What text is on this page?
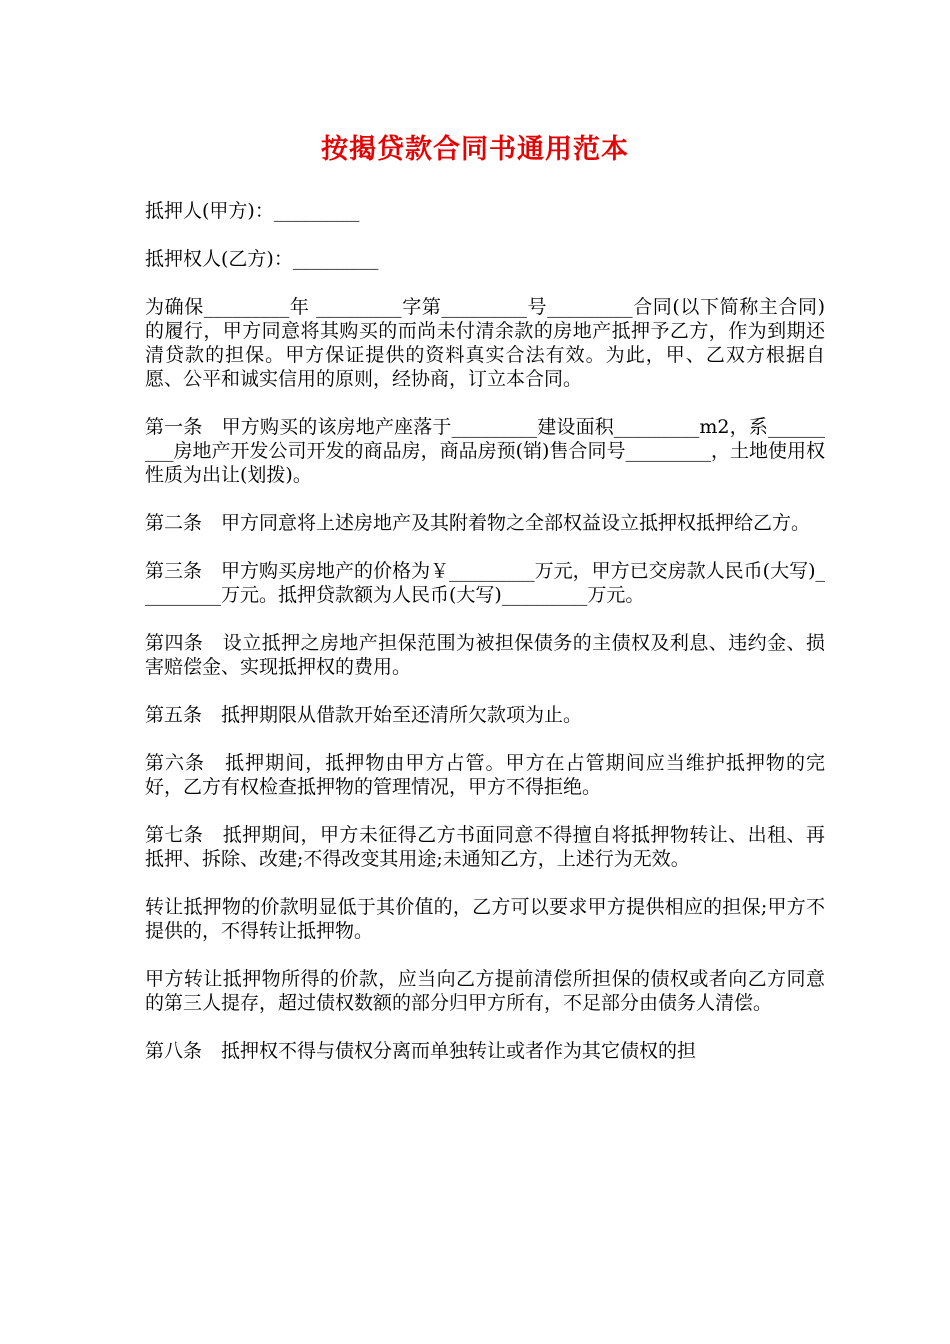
按揭贷款合同书通用范本

抵押人(甲方)：_________

抵押权人(乙方)：_________

为确保_________年 _________字第_________号_________合同(以下简称主合同)的履行，甲方同意将其购买的而尚未付清余款的房地产抵押予乙方，作为到期还清贷款的担保。甲方保证提供的资料真实合法有效。为此，甲、乙双方根据自愿、公平和诚实信用的原则，经协商，订立本合同。

第一条　甲方购买的该房地产座落于_________建设面积_________m2，系_________房地产开发公司开发的商品房，商品房预(销)售合同号_________，土地使用权性质为出让(划拨)。

第二条　甲方同意将上述房地产及其附着物之全部权益设立抵押权抵押给乙方。

第三条　甲方购买房地产的价格为￥_________万元，甲方已交房款人民币(大写)_________万元。抵押贷款额为人民币(大写)_________万元。

第四条　设立抵押之房地产担保范围为被担保债务的主债权及利息、违约金、损害赔偿金、实现抵押权的费用。

第五条　抵押期限从借款开始至还清所欠款项为止。

第六条　抵押期间，抵押物由甲方占管。甲方在占管期间应当维护抵押物的完好，乙方有权检查抵押物的管理情况，甲方不得拒绝。

第七条　抵押期间，甲方未征得乙方书面同意不得擅自将抵押物转让、出租、再抵押、拆除、改建;不得改变其用途;未通知乙方，上述行为无效。

转让抵押物的价款明显低于其价值的，乙方可以要求甲方提供相应的担保;甲方不提供的，不得转让抵押物。

甲方转让抵押物所得的价款，应当向乙方提前清偿所担保的债权或者向乙方同意的第三人提存，超过债权数额的部分归甲方所有，不足部分由债务人清偿。

第八条　抵押权不得与债权分离而单独转让或者作为其它债权的担
